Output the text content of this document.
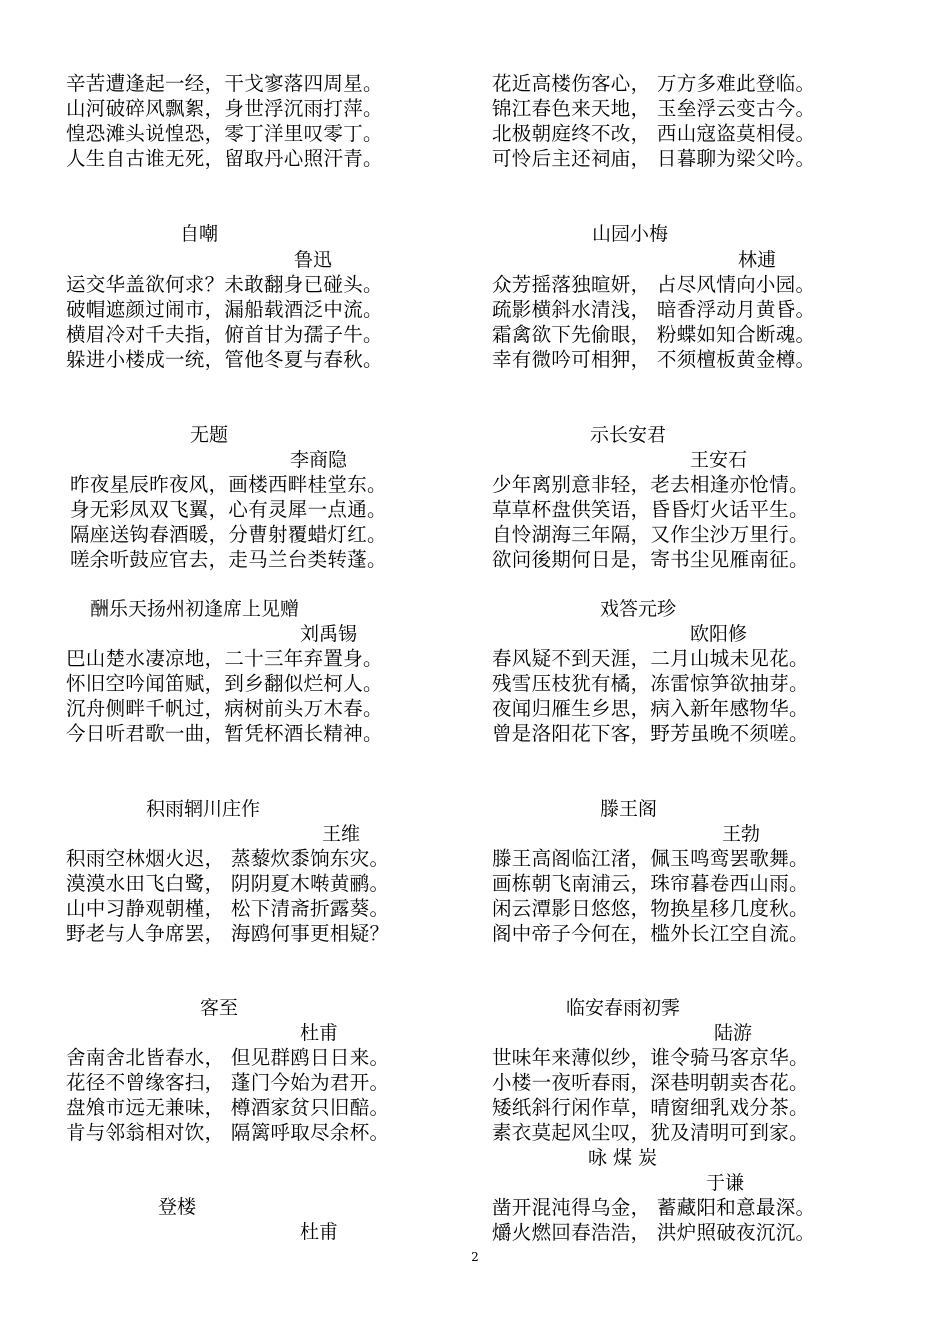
辛苦遭逢起一经，干戈寥落四周星。
山河破碎风飘絮，身世浮沉雨打萍。
惶恐滩头说惶恐，零丁洋里叹零丁。
人生自古谁无死，留取丹心照汗青。
自嘲
鲁迅
运交华盖欲何求？未敢翻身已碰头。
破帽遮颜过闹市，漏船载酒泛中流。
横眉冷对千夫指，俯首甘为孺子牛。
躲进小楼成一统，管他冬夏与春秋。
无题
李商隐
昨夜星辰昨夜风，画楼西畔桂堂东。
身无彩凤双飞翼，心有灵犀一点通。
隔座送钩春酒暖，分曹射覆蜡灯红。
嗟余听鼓应官去，走马兰台类转蓬。
酬乐天扬州初逢席上见赠
刘禹锡
巴山楚水凄凉地，二十三年弃置身。
怀旧空吟闻笛赋，到乡翻似烂柯人。
沉舟侧畔千帆过，病树前头万木春。
今日听君歌一曲，暂凭杯酒长精神。
积雨辋川庄作
王维
积雨空林烟火迟， 蒸藜炊黍饷东灾。
漠漠水田飞白鹭， 阴阴夏木啭黄鹂。
山中习静观朝槿， 松下清斋折露葵。
野老与人争席罢， 海鸥何事更相疑？
客至
杜甫
舍南舍北皆春水， 但见群鸥日日来。
花径不曾缘客扫， 蓬门今始为君开。
盘飧市远无兼味， 樽酒家贫只旧醅。
肯与邻翁相对饮， 隔篱呼取尽余杯。
登楼
杜甫
花近高楼伤客心， 万方多难此登临。
锦江春色来天地， 玉垒浮云变古今。
北极朝庭终不改， 西山寇盗莫相侵。
可怜后主还祠庙， 日暮聊为梁父吟。
山园小梅
林逋
众芳摇落独暄妍， 占尽风情向小园。
疏影横斜水清浅， 暗香浮动月黄昏。
霜禽欲下先偷眼， 粉蝶如知合断魂。
幸有微吟可相狎， 不须檀板黄金樽。
示长安君
王安石
少年离别意非轻，老去相逢亦怆情。
草草杯盘供笑语，昏昏灯火话平生。
自怜湖海三年隔，又作尘沙万里行。
欲问後期何日是，寄书尘见雁南征。
戏答元珍
欧阳修
春风疑不到天涯，二月山城未见花。
残雪压枝犹有橘，冻雷惊笋欲抽芽。
夜闻归雁生乡思，病入新年感物华。
曾是洛阳花下客，野芳虽晚不须嗟。
滕王阁
王勃
滕王高阁临江渚，佩玉鸣鸾罢歌舞。
画栋朝飞南浦云，珠帘暮卷西山雨。
闲云潭影日悠悠，物换星移几度秋。
阁中帝子今何在，槛外长江空自流。
临安春雨初霁
陆游
世味年来薄似纱，谁令骑马客京华。
小楼一夜听春雨，深巷明朝卖杏花。
矮纸斜行闲作草，晴窗细乳戏分茶。
素衣莫起风尘叹，犹及清明可到家。
咏 煤 炭
于谦
凿开混沌得乌金， 蓄藏阳和意最深。
爝火燃回春浩浩， 洪炉照破夜沉沉。
2
